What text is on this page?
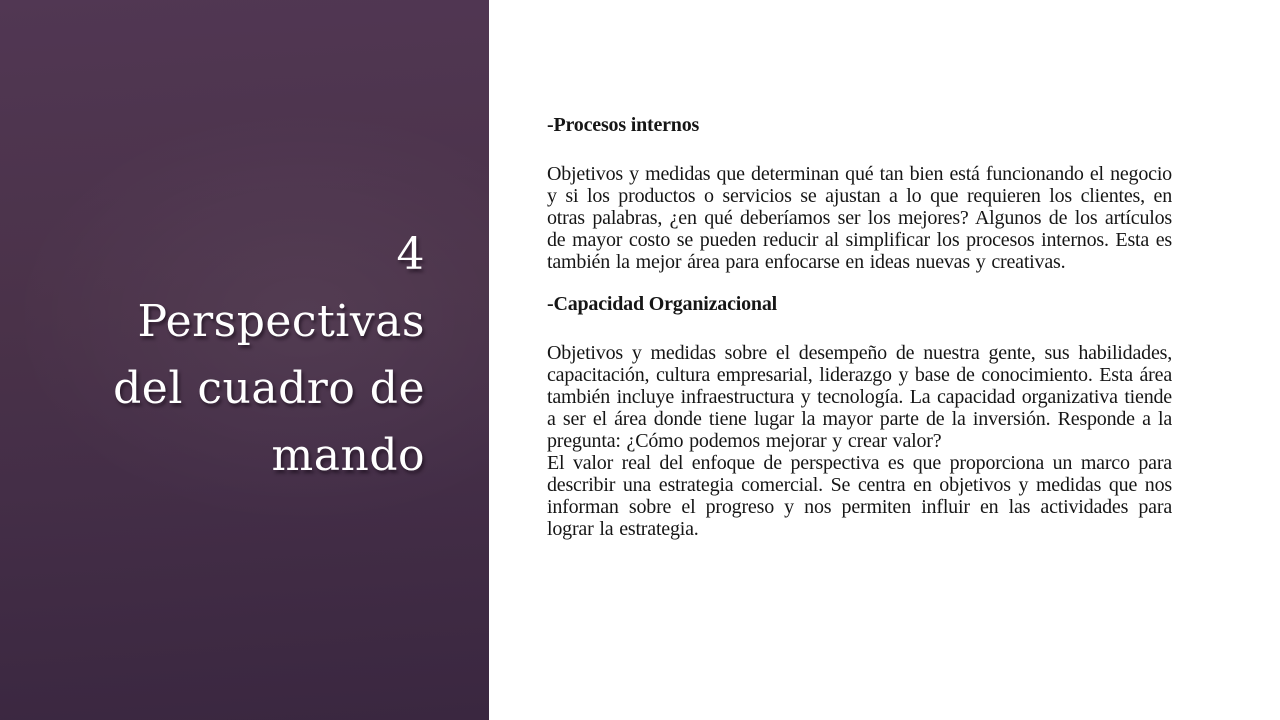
4
Perspectivas
del cuadro de
mando
-Procesos internos

Objetivos y medidas que determinan qué tan bien está funcionando el negocio y si los productos o servicios se ajustan a lo que requieren los clientes, en otras palabras, ¿en qué deberíamos ser los mejores? Algunos de los artículos de mayor costo se pueden reducir al simplificar los procesos internos. Esta es también la mejor área para enfocarse en ideas nuevas y creativas.

-Capacidad Organizacional

Objetivos y medidas sobre el desempeño de nuestra gente, sus habilidades, capacitación, cultura empresarial, liderazgo y base de conocimiento. Esta área también incluye infraestructura y tecnología. La capacidad organizativa tiende a ser el área donde tiene lugar la mayor parte de la inversión. Responde a la pregunta: ¿Cómo podemos mejorar y crear valor?

El valor real del enfoque de perspectiva es que proporciona un marco para describir una estrategia comercial. Se centra en objetivos y medidas que nos informan sobre el progreso y nos permiten influir en las actividades para lograr la estrategia.
